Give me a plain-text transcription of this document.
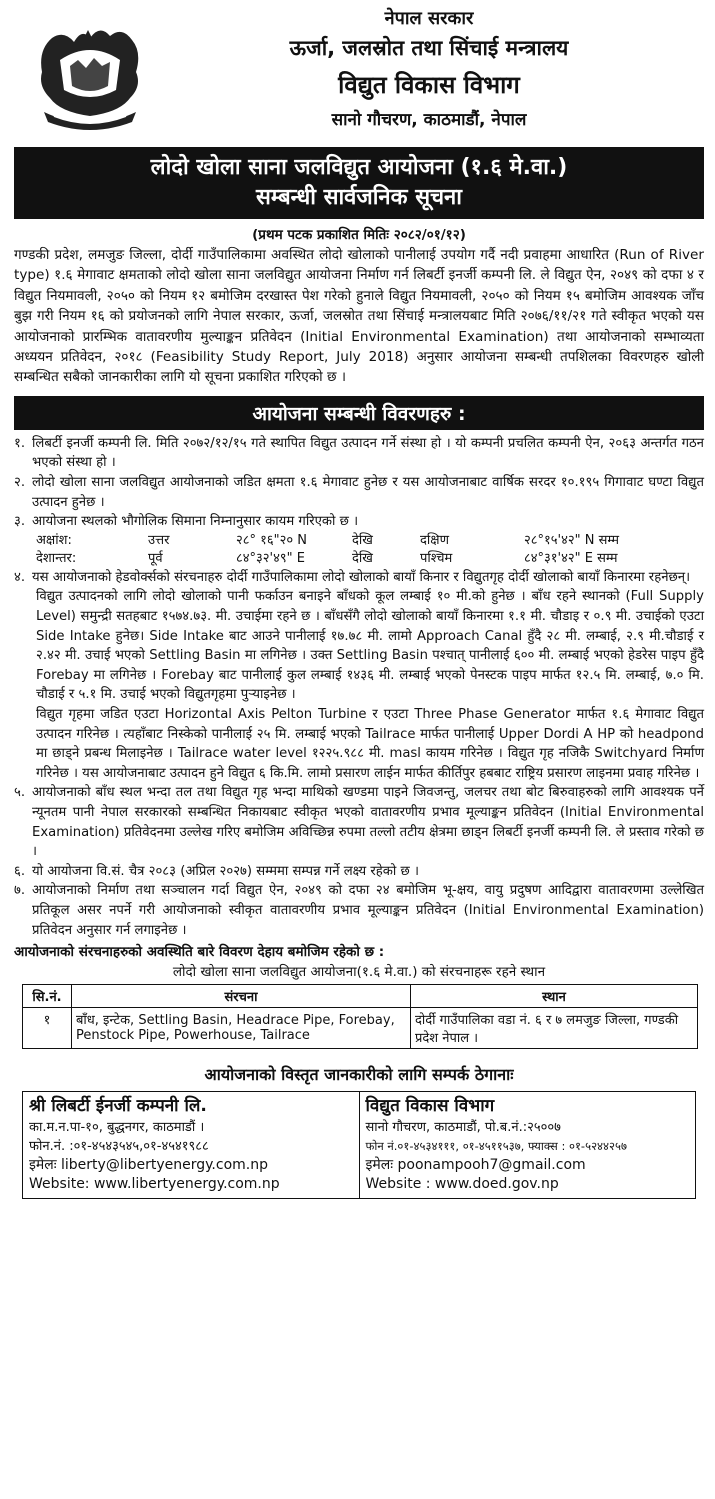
नेपाल सरकार
ऊर्जा, जलस्रोत तथा सिंचाई मन्त्रालय
विद्युत विकास विभाग
सानो गौचरण, काठमाडौं, नेपाल
लोदो खोला साना जलविद्युत आयोजना (१.६ मे.वा.)
सम्बन्धी सार्वजनिक सूचना
(प्रथम पटक प्रकाशित मितिः २०८२/०१/१२)
गण्डकी प्रदेश, लमजुङ जिल्ला, दोर्दी गाउँपालिकामा अवस्थित लोदो खोलाको पानीलाई उपयोग गर्दै नदी प्रवाहमा आधारित (Run of River type) १.६ मेगावाट क्षमताको लोदो खोला साना जलविद्युत आयोजना निर्माण गर्न लिबर्टी इनर्जी कम्पनी लि. ले विद्युत ऐन, २०४९ को दफा ४ र विद्युत नियमावली, २०५० को नियम १२ बमोजिम दरखास्त पेश गरेको हुनाले विद्युत नियमावली, २०५० को नियम १५ बमोजिम आवश्यक जाँच बुझ गरी नियम १६ को प्रयोजनको लागि नेपाल सरकार, ऊर्जा, जलस्रोत तथा सिंचाई मन्त्रालयबाट मिति २०७६/११/२१ गते स्वीकृत भएको यस आयोजनाको प्रारम्भिक वातावरणीय मुल्याङ्कन प्रतिवेदन (Initial Environmental Examination) तथा आयोजनाको सम्भाव्यता अध्ययन प्रतिवेदन, २०१८ (Feasibility Study Report, July 2018) अनुसार आयोजना सम्बन्धी तपशिलका विवरणहरु खोली सम्बन्धित सबैको जानकारीका लागि यो सूचना प्रकाशित गरिएको छ ।
आयोजना सम्बन्धी विवरणहरु :
१. लिबर्टी इनर्जी कम्पनी लि. मिति २०७२/१२/१५ गते स्थापित विद्युत उत्पादन गर्ने संस्था हो । यो कम्पनी प्रचलित कम्पनी ऐन, २०६३ अन्तर्गत गठन भएको संस्था हो ।
२. लोदो खोला साना जलविद्युत आयोजनाको जडित क्षमता १.६ मेगावाट हुनेछ र यस आयोजनाबाट वार्षिक सरदर १०.१९५ गिगावाट घण्टा विद्युत उत्पादन हुनेछ ।
३. आयोजना स्थलको भौगोलिक सिमाना निम्नानुसार कायम गरिएको छ ।
अक्षांश:	उत्तर	२८° १६"२० N	देखि	दक्षिण	२८°१५'४२" N सम्म
देशान्तर:	पूर्व	८४°३२'४९" E	देखि	पश्चिम	८४°३१'४२" E सम्म
४. यस आयोजनाको हेडवोर्क्सको संरचनाहरु दोर्दी गाउँपालिकामा लोदो खोलाको बायाँ किनार र विद्युतगृह दोर्दी खोलाको बायाँ किनारमा रहनेछन्।
विद्युत उत्पादनको लागि लोदो खोलाको पानी फर्काउन बनाइने बाँधको कूल लम्बाई १० मी.को हुनेछ । बाँध रहने स्थानको (Full Supply Level) समुन्द्री सतहबाट १५७४.७३. मी. उचाईमा रहने छ । बाँधसँगै लोदो खोलाको बायाँ किनारमा १.१ मी. चौडाइ र ०.९ मी. उचाईको एउटा Side Intake हुनेछ। Side Intake बाट आउने पानीलाई १७.७८ मी. लामो Approach Canal हुँदै २८ मी. लम्बाई, २.९ मी.चौडाई र २.४२ मी. उचाई भएको Settling Basin मा लगिनेछ । उक्त Settling Basin पश्चात् पानीलाई ६०० मी. लम्बाई भएको हेडरेस पाइप हुँदै Forebay मा लगिनेछ । Forebay बाट पानीलाई कुल लम्बाई १४३६ मी. लम्बाई भएको पेनस्टक पाइप मार्फत १२.५ मि. लम्बाई, ७.० मि. चौडाई र ५.१ मि. उचाई भएको विद्युतगृहमा पुऱ्याइनेछ ।
विद्युत गृहमा जडित एउटा Horizontal Axis Pelton Turbine र एउटा Three Phase Generator मार्फत १.६ मेगावाट विद्युत उत्पादन गरिनेछ । त्यहाँबाट निस्केको पानीलाई २५ मि. लम्बाई भएको Tailrace मार्फत पानीलाई Upper Dordi A HP को headpond मा छाड्ने प्रबन्ध मिलाइनेछ । Tailrace water level १२२५.९८८ मी. masl कायम गरिनेछ । विद्युत गृह नजिकै Switchyard निर्माण गरिनेछ । यस आयोजनाबाट उत्पादन हुने विद्युत ६ कि.मि. लामो प्रसारण लाईन मार्फत कीर्तिपुर हबबाट राष्ट्रिय प्रसारण लाइनमा प्रवाह गरिनेछ ।
५. आयोजनाको बाँध स्थल भन्दा तल तथा विद्युत गृह भन्दा माथिको खण्डमा पाइने जिवजन्तु, जलचर तथा बोट बिरुवाहरुको लागि आवश्यक पर्ने न्यूनतम पानी नेपाल सरकारको सम्बन्धित निकायबाट स्वीकृत भएको वातावरणीय प्रभाव मूल्याङ्कन प्रतिवेदन (Initial Environmental Examination) प्रतिवेदनमा उल्लेख गरिए बमोजिम अविच्छिन्न रुपमा तल्लो तटीय क्षेत्रमा छाड्न लिबर्टी इनर्जी कम्पनी लि. ले प्रस्ताव गरेको छ ।
६. यो आयोजना वि.सं. चैत्र २०८३ (अप्रिल २०२७) सम्ममा सम्पन्न गर्ने लक्ष्य रहेको छ ।
७. आयोजनाको निर्माण तथा सञ्चालन गर्दा विद्युत ऐन, २०४९ को दफा २४ बमोजिम भू-क्षय, वायु प्रदुषण आदिद्वारा वातावरणमा उल्लेखित प्रतिकूल असर नपर्ने गरी आयोजनाको स्वीकृत वातावरणीय प्रभाव मूल्याङ्कन प्रतिवेदन (Initial Environmental Examination) प्रतिवेदन अनुसार गर्न लगाइनेछ ।
आयोजनाको संरचनाहरुको अवस्थिति बारे विवरण देहाय बमोजिम रहेको छ :
लोदो खोला साना जलविद्युत आयोजना(१.६ मे.वा.) को संरचनाहरू रहने स्थान
सि.नं.	संरचना	स्थान
१	बाँध, इन्टेक, Settling Basin, Headrace Pipe, Forebay, Penstock Pipe, Powerhouse, Tailrace	दोर्दी गाउँपालिका वडा नं. ६ र ७ लमजुङ जिल्ला, गण्डकी प्रदेश नेपाल ।
आयोजनाको विस्तृत जानकारीको लागि सम्पर्क ठेगानाः
श्री लिबर्टी ईनर्जी कम्पनी लि.
का.म.न.पा-१०, बुद्धनगर, काठमाडौं ।
फोन.नं. :०१-४५४३५४५,०१-४५४१९८८
इमेलः liberty@libertyenergy.com.np
Website: www.libertyenergy.com.np
विद्युत विकास विभाग
सानो गौचरण, काठमाडौं, पो.ब.नं.:२५००७
फोन नं.०१-४५३४१११, ०१-४५११५३७, फ्याक्स : ०१-५२४४२५७
इमेलः poonampooh7@gmail.com
Website : www.doed.gov.np
